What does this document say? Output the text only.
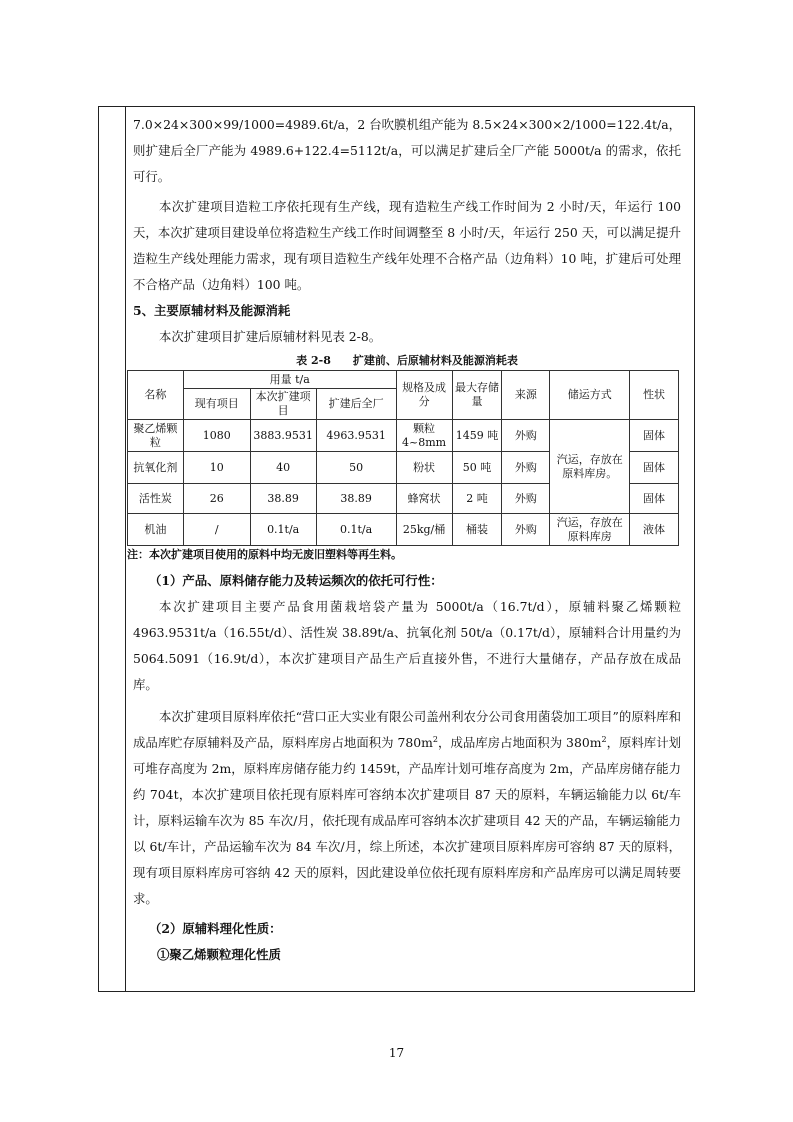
7.0×24×300×99/1000=4989.6t/a，2 台吹膜机组产能为 8.5×24×300×2/1000=122.4t/a，则扩建后全厂产能为 4989.6+122.4=5112t/a，可以满足扩建后全厂产能 5000t/a 的需求，依托可行。

本次扩建项目造粒工序依托现有生产线，现有造粒生产线工作时间为 2 小时/天，年运行 100 天，本次扩建项目建设单位将造粒生产线工作时间调整至 8 小时/天，年运行 250 天，可以满足提升造粒生产线处理能力需求，现有项目造粒生产线年处理不合格产品（边角料）10 吨，扩建后可处理不合格产品（边角料）100 吨。

5、主要原辅材料及能源消耗

本次扩建项目扩建后原辅材料见表 2-8。

表 2-8　　扩建前、后原辅材料及能源消耗表
名称	用量 t/a			规格及成分	最大存储量	来源	储运方式	性状
	现有项目	本次扩建项目	扩建后全厂					
聚乙烯颗粒	1080	3883.9531	4963.9531	颗粒 4~8mm	1459 吨	外购	汽运，存放在原料库房。	固体
抗氧化剂	10	40	50	粉状	50 吨	外购		固体
活性炭	26	38.89	38.89	蜂窝状	2 吨	外购		固体
机油	/	0.1t/a	0.1t/a	25kg/桶	桶装	外购	汽运，存放在原料库房	液体
注：本次扩建项目使用的原料中均无废旧塑料等再生料。

（1）产品、原料储存能力及转运频次的依托可行性：

本次扩建项目主要产品食用菌栽培袋产量为 5000t/a（16.7t/d），原辅料聚乙烯颗粒 4963.9531t/a（16.55t/d）、活性炭 38.89t/a、抗氧化剂 50t/a（0.17t/d），原辅料合计用量约为 5064.5091（16.9t/d），本次扩建项目产品生产后直接外售，不进行大量储存，产品存放在成品库。

本次扩建项目原料库依托“营口正大实业有限公司盖州利农分公司食用菌袋加工项目”的原料库和成品库贮存原辅料及产品，原料库房占地面积为 $780m^2$，成品库房占地面积为 $380m^2$，原料库计划可堆存高度为 2m，原料库房储存能力约 1459t，产品库计划可堆存高度为 2m，产品库房储存能力约 704t，本次扩建项目依托现有原料库可容纳本次扩建项目 87 天的原料，车辆运输能力以 6t/车计，原料运输车次为 85 车次/月，依托现有成品库可容纳本次扩建项目 42 天的产品，车辆运输能力以 6t/车计，产品运输车次为 84 车次/月，综上所述，本次扩建项目原料库房可容纳 87 天的原料，现有项目原料库房可容纳 42 天的原料，因此建设单位依托现有原料库房和产品库房可以满足周转要求。

（2）原辅料理化性质：

①聚乙烯颗粒理化性质

17
